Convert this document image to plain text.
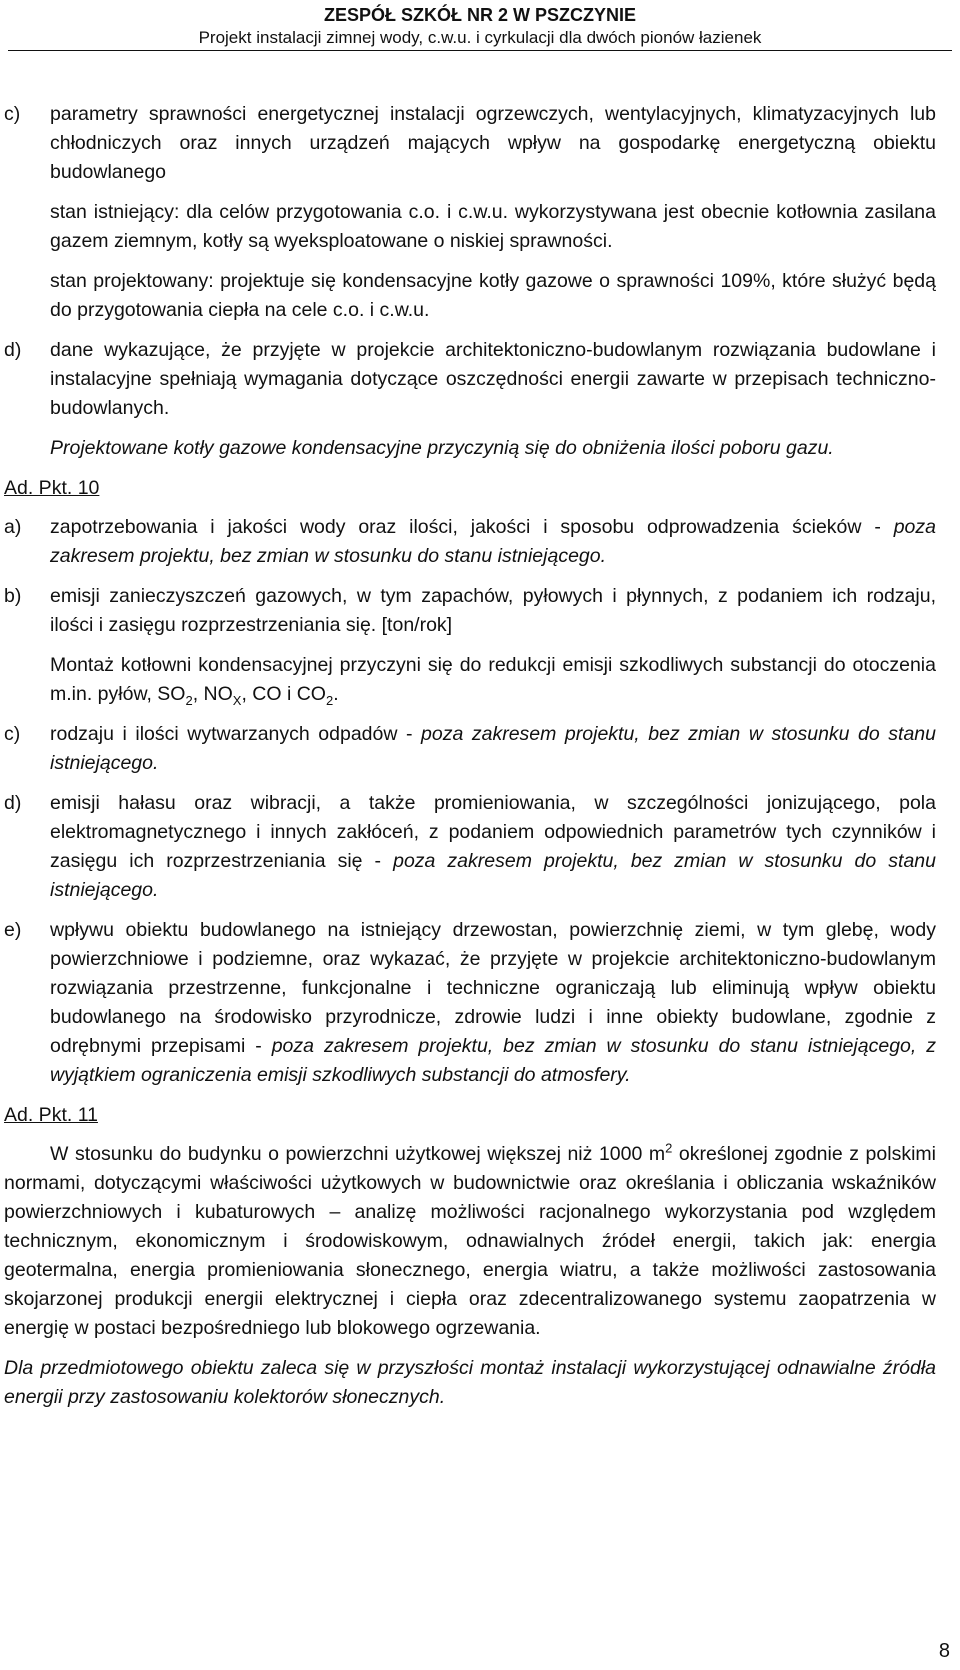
ZESPÓŁ SZKÓŁ NR 2 W PSZCZYNIE
Projekt instalacji zimnej wody, c.w.u. i cyrkulacji dla dwóch pionów łazienek
c)	parametry sprawności energetycznej instalacji ogrzewczych, wentylacyjnych, klimatyzacyjnych lub chłodniczych oraz innych urządzeń mających wpływ na gospodarkę energetyczną obiektu budowlanego

stan istniejący: dla celów przygotowania c.o. i c.w.u. wykorzystywana jest obecnie kotłownia zasilana gazem ziemnym, kotły są wyeksploatowane o niskiej sprawności.
stan projektowany: projektuje się kondensacyjne kotły gazowe o sprawności 109%, które służyć będą do przygotowania ciepła na cele c.o. i c.w.u.
d)	dane wykazujące, że przyjęte w projekcie architektoniczno-budowlanym rozwiązania budowlane i instalacyjne spełniają wymagania dotyczące oszczędności energii zawarte w przepisach techniczno-budowlanych.

Projektowane kotły gazowe kondensacyjne przyczynią się do obniżenia ilości poboru gazu.

Ad. Pkt. 10
a)	zapotrzebowania i jakości wody oraz ilości, jakości i sposobu odprowadzenia ścieków - poza zakresem projektu, bez zmian w stosunku do stanu istniejącego.

b)	emisji zanieczyszczeń gazowych, w tym zapachów, pyłowych i płynnych, z podaniem ich rodzaju, ilości i zasięgu rozprzestrzeniania się. [ton/rok]

Montaż kotłowni kondensacyjnej przyczyni się do redukcji emisji szkodliwych substancji do otoczenia m.in. pyłów, $SO_2$, $NO_X$, CO i $CO_2$.

c)	rodzaju i ilości wytwarzanych odpadów - poza zakresem projektu, bez zmian w stosunku do stanu istniejącego.

d)	emisji hałasu oraz wibracji, a także promieniowania, w szczególności jonizującego, pola elektromagnetycznego i innych zakłóceń, z podaniem odpowiednich parametrów tych czynników i zasięgu ich rozprzestrzeniania się - poza zakresem projektu, bez zmian w stosunku do stanu istniejącego.

e)	wpływu obiektu budowlanego na istniejący drzewostan, powierzchnię ziemi, w tym glebę, wody powierzchniowe i podziemne, oraz wykazać, że przyjęte w projekcie architektoniczno-budowlanym rozwiązania przestrzenne, funkcjonalne i techniczne ograniczają lub eliminują wpływ obiektu budowlanego na środowisko przyrodnicze, zdrowie ludzi i inne obiekty budowlane, zgodnie z odrębnymi przepisami - poza zakresem projektu, bez zmian w stosunku do stanu istniejącego, z wyjątkiem ograniczenia emisji szkodliwych substancji do atmosfery.

Ad. Pkt. 11

W stosunku do budynku o powierzchni użytkowej większej niż 1000 $m^2$ określonej zgodnie z polskimi normami, dotyczącymi właściwości użytkowych w budownictwie oraz określania i obliczania wskaźników powierzchniowych i kubaturowych – analizę możliwości racjonalnego wykorzystania pod względem technicznym, ekonomicznym i środowiskowym, odnawialnych źródeł energii, takich jak: energia geotermalna, energia promieniowania słonecznego, energia wiatru, a także możliwości zastosowania skojarzonej produkcji energii elektrycznej i ciepła oraz zdecentralizowanego systemu zaopatrzenia w energię w postaci bezpośredniego lub blokowego ogrzewania.

Dla przedmiotowego obiektu zaleca się w przyszłości montaż instalacji wykorzystującej odnawialne źródła energii przy zastosowaniu kolektorów słonecznych.

8
